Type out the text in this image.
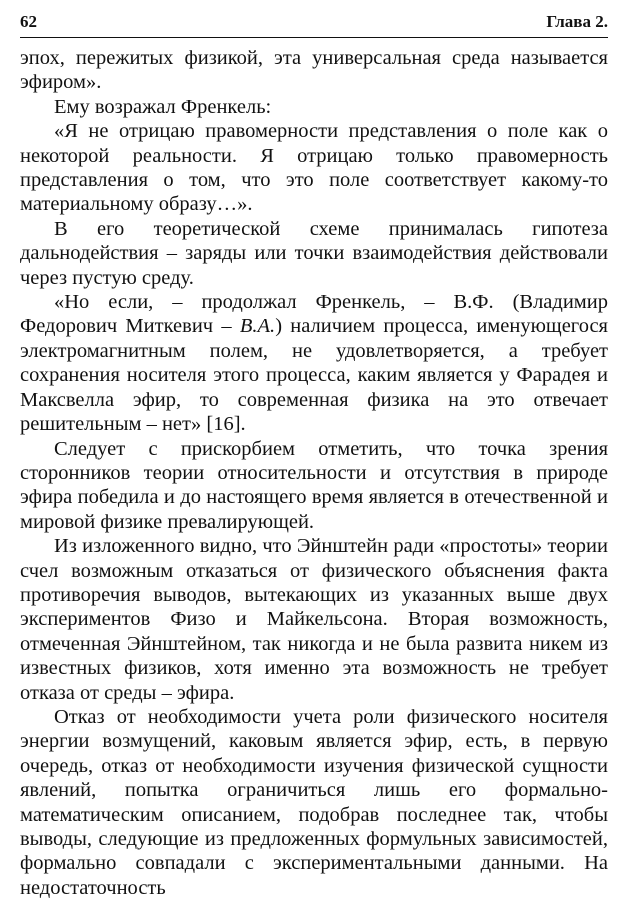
62	Глава 2.

эпох, пережитых физикой, эта универсальная среда называется эфиром».

Ему возражал Френкель:

«Я не отрицаю правомерности представления о поле как о некоторой реальности. Я отрицаю только правомерность представления о том, что это поле соответствует какому-то материальному образу…».

В его теоретической схеме принималась гипотеза дальнодействия – заряды или точки взаимодействия действовали через пустую среду.

«Но если, – продолжал Френкель, – В.Ф. (Владимир Федорович Миткевич – В.А.) наличием процесса, именующегося электромагнитным полем, не удовлетворяется, а требует сохранения носителя этого процесса, каким является у Фарадея и Максвелла эфир, то современная физика на это отвечает решительным – нет» [16].

Следует с прискорбием отметить, что точка зрения сторонников теории относительности и отсутствия в природе эфира победила и до настоящего время является в отечественной и мировой физике превалирующей.

Из изложенного видно, что Эйнштейн ради «простоты» теории счел возможным отказаться от физического объяснения факта противоречия выводов, вытекающих из указанных выше двух экспериментов Физо и Майкельсона. Вторая возможность, отмеченная Эйнштейном, так никогда и не была развита никем из известных физиков, хотя именно эта возможность не требует отказа от среды – эфира.

Отказ от необходимости учета роли физического носителя энергии возмущений, каковым является эфир, есть, в первую очередь, отказ от необходимости изучения физической сущности явлений, попытка ограничиться лишь его формально-математическим описанием, подобрав последнее так, чтобы выводы, следующие из предложенных формульных зависимостей, формально совпадали с экспериментальными данными. На недостаточность
